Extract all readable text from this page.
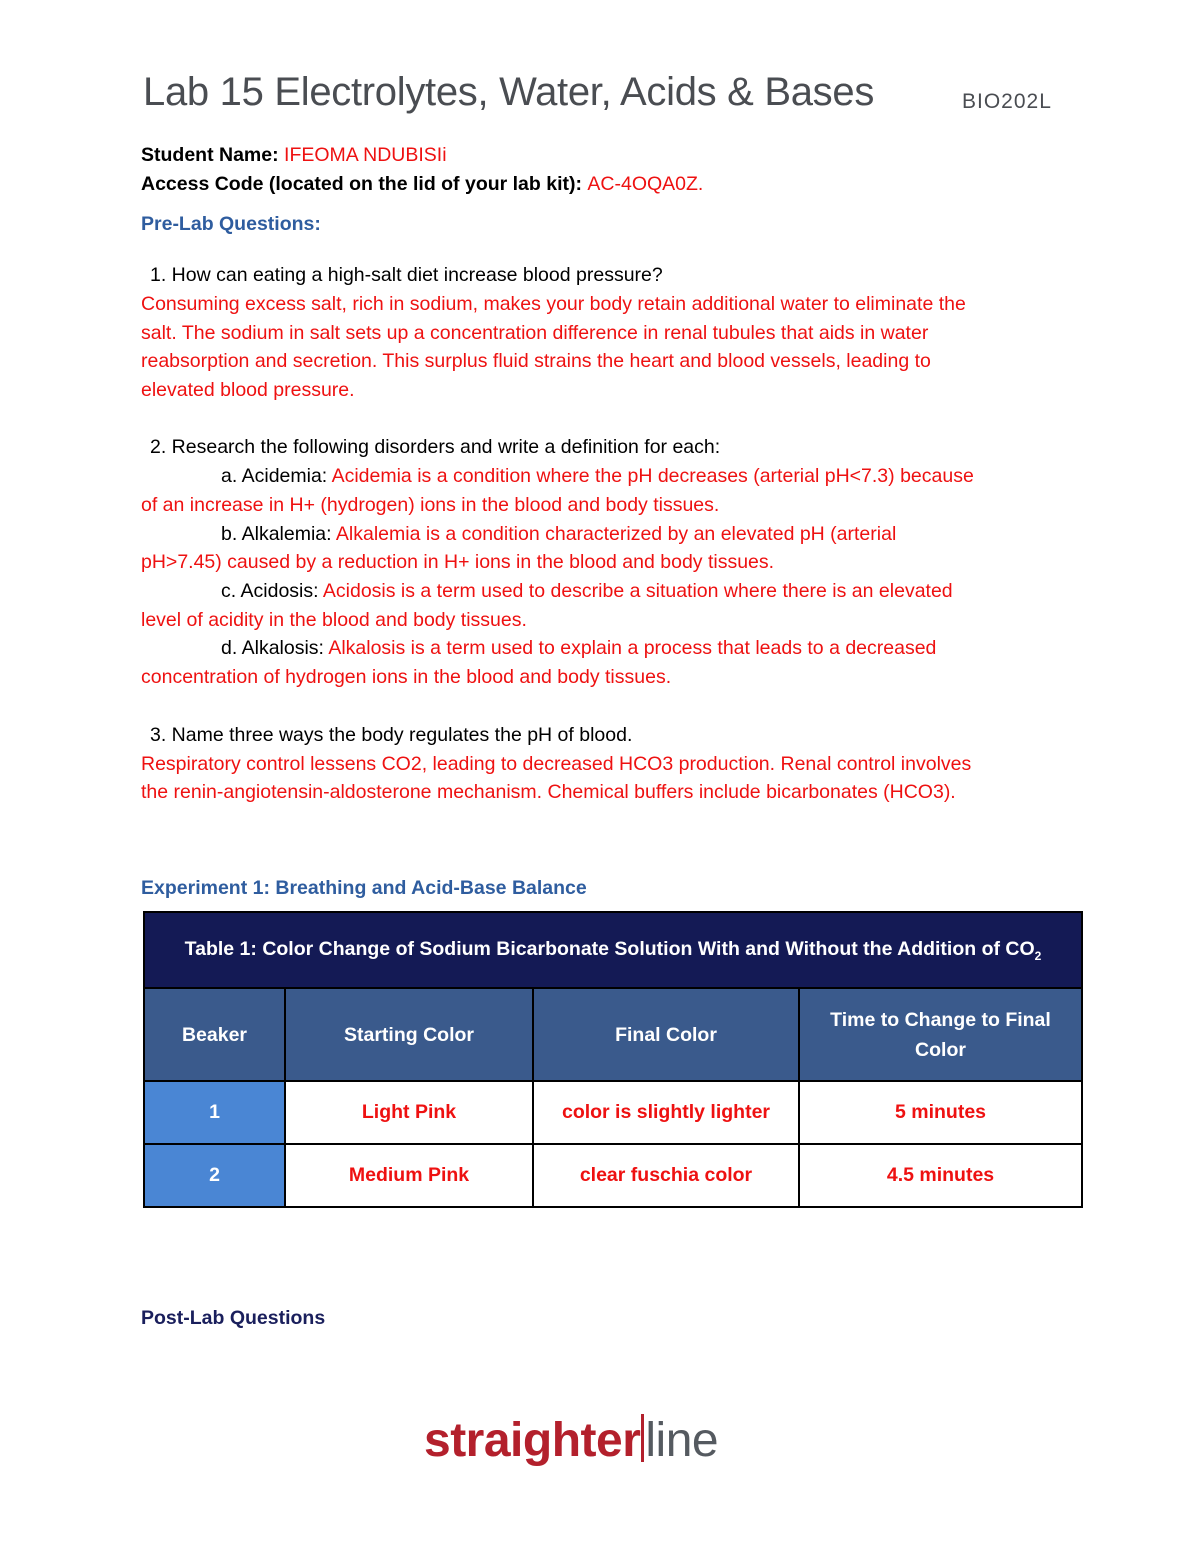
Lab 15 Electrolytes, Water, Acids & Bases	BIO202L
Student Name: IFEOMA NDUBISIi
Access Code (located on the lid of your lab kit): AC-4OQA0Z.
Pre-Lab Questions:
1. How can eating a high-salt diet increase blood pressure?
Consuming excess salt, rich in sodium, makes your body retain additional water to eliminate the
salt. The sodium in salt sets up a concentration difference in renal tubules that aids in water
reabsorption and secretion. This surplus fluid strains the heart and blood vessels, leading to
elevated blood pressure.
2. Research the following disorders and write a definition for each:
a. Acidemia: Acidemia is a condition where the pH decreases (arterial pH<7.3) because
of an increase in H+ (hydrogen) ions in the blood and body tissues.
b. Alkalemia: Alkalemia is a condition characterized by an elevated pH (arterial
pH>7.45) caused by a reduction in H+ ions in the blood and body tissues.
c. Acidosis: Acidosis is a term used to describe a situation where there is an elevated
level of acidity in the blood and body tissues.
d. Alkalosis: Alkalosis is a term used to explain a process that leads to a decreased
concentration of hydrogen ions in the blood and body tissues.
3. Name three ways the body regulates the pH of blood.
Respiratory control lessens CO2, leading to decreased HCO3 production. Renal control involves
the renin-angiotensin-aldosterone mechanism. Chemical buffers include bicarbonates (HCO3).
Experiment 1: Breathing and Acid-Base Balance
Table 1: Color Change of Sodium Bicarbonate Solution With and Without the Addition of $CO_2$
Beaker	Starting Color	Final Color	Time to Change to Final Color
1	Light Pink	color is slightly lighter	5 minutes
2	Medium Pink	clear fuschia color	4.5 minutes
Post-Lab Questions
straighter line
